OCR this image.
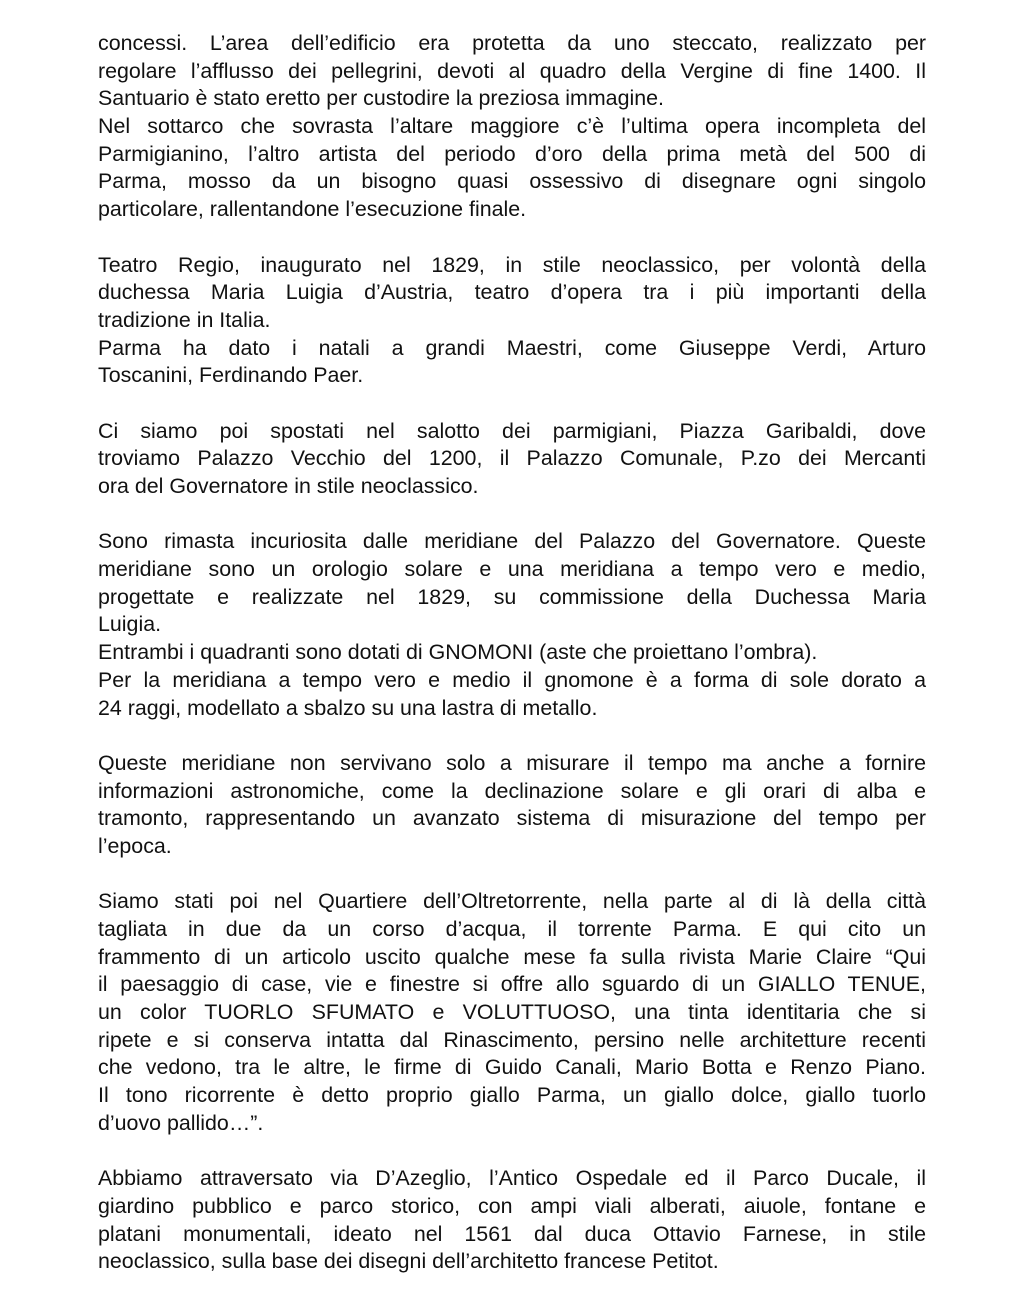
concessi. L’area dell’edificio era protetta da uno steccato, realizzato per
regolare l’afflusso dei pellegrini, devoti al quadro della Vergine di fine 1400. Il
Santuario è stato eretto per custodire la preziosa immagine.
Nel sottarco che sovrasta l’altare maggiore c’è l’ultima opera incompleta del
Parmigianino, l’altro artista del periodo d’oro della prima metà del 500 di
Parma, mosso da un bisogno quasi ossessivo di disegnare ogni singolo
particolare, rallentandone l’esecuzione finale.
Teatro Regio, inaugurato nel 1829, in stile neoclassico, per volontà della
duchessa Maria Luigia d’Austria, teatro d’opera tra i più importanti della
tradizione in Italia.
Parma ha dato i natali a grandi Maestri, come Giuseppe Verdi, Arturo
Toscanini, Ferdinando Paer.
Ci siamo poi spostati nel salotto dei parmigiani, Piazza Garibaldi, dove
troviamo Palazzo Vecchio del 1200, il Palazzo Comunale, P.zo dei Mercanti
ora del Governatore in stile neoclassico.
Sono rimasta incuriosita dalle meridiane del Palazzo del Governatore. Queste
meridiane sono un orologio solare e una meridiana a tempo vero e medio,
progettate e realizzate nel 1829, su commissione della Duchessa Maria
Luigia.
Entrambi i quadranti sono dotati di GNOMONI (aste che proiettano l’ombra).
Per la meridiana a tempo vero e medio il gnomone è a forma di sole dorato a
24 raggi, modellato a sbalzo su una lastra di metallo.
Queste meridiane non servivano solo a misurare il tempo ma anche a fornire
informazioni astronomiche, come la declinazione solare e gli orari di alba e
tramonto, rappresentando un avanzato sistema di misurazione del tempo per
l’epoca.
Siamo stati poi nel Quartiere dell’Oltretorrente, nella parte al di là della città
tagliata in due da un corso d’acqua, il torrente Parma. E qui cito un
frammento di un articolo uscito qualche mese fa sulla rivista Marie Claire “Qui
il paesaggio di case, vie e finestre si offre allo sguardo di un GIALLO TENUE,
un color TUORLO SFUMATO e VOLUTTUOSO, una tinta identitaria che si
ripete e si conserva intatta dal Rinascimento, persino nelle architetture recenti
che vedono, tra le altre, le firme di Guido Canali, Mario Botta e Renzo Piano.
Il tono ricorrente è detto proprio giallo Parma, un giallo dolce, giallo tuorlo
d’uovo pallido…”.
Abbiamo attraversato via D’Azeglio, l’Antico Ospedale ed il Parco Ducale, il
giardino pubblico e parco storico, con ampi viali alberati, aiuole, fontane e
platani monumentali, ideato nel 1561 dal duca Ottavio Farnese, in stile
neoclassico, sulla base dei disegni dell’architetto francese Petitot.
